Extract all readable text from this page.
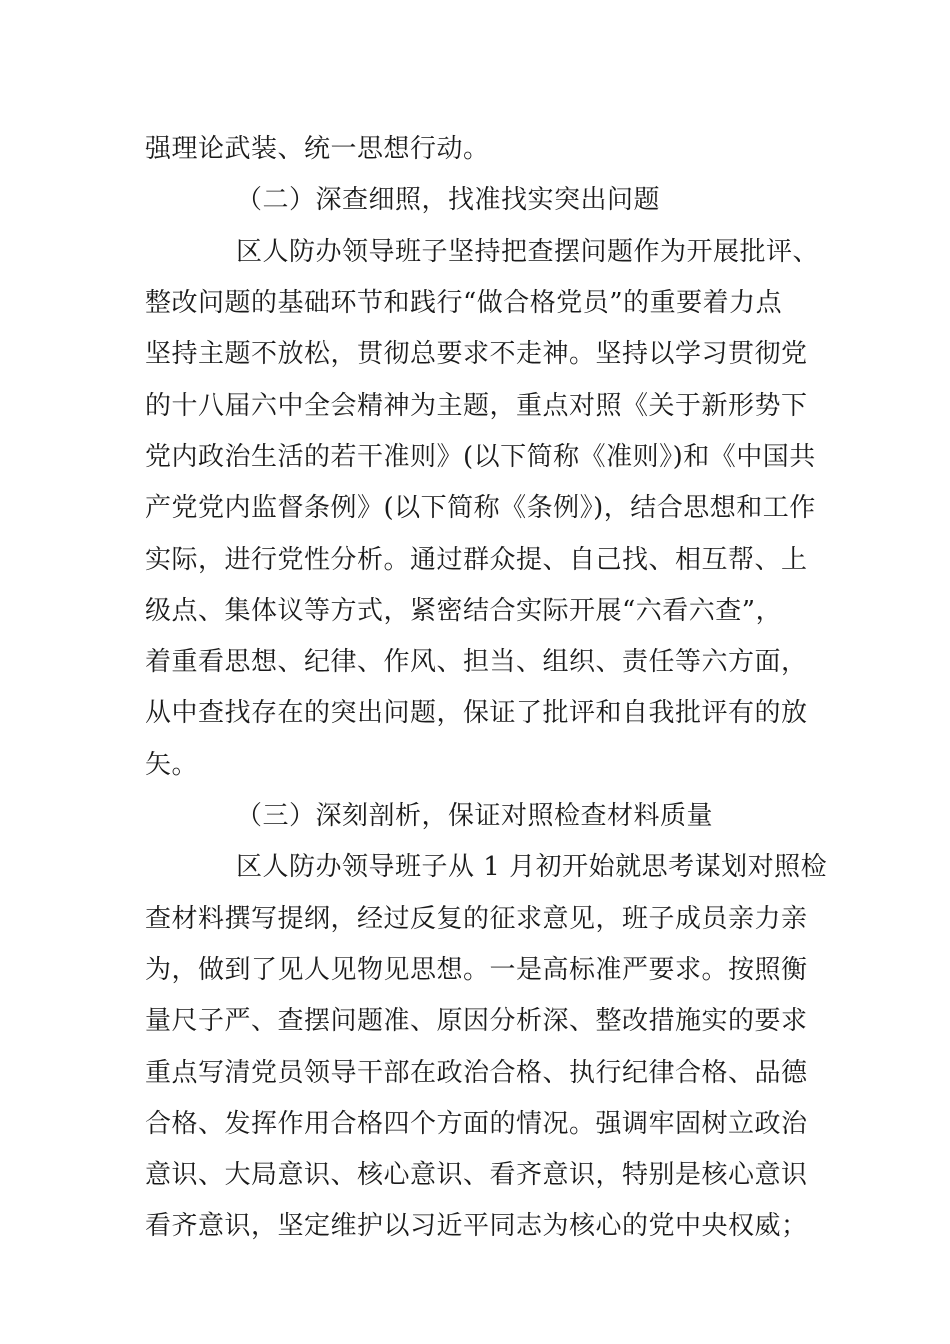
强理论武装、统一思想行动。

（二）深查细照，找准找实突出问题

区人防办领导班子坚持把查摆问题作为开展批评、

整改问题的基础环节和践行“做合格党员”的重要着力点

坚持主题不放松，贯彻总要求不走神。坚持以学习贯彻党

的十八届六中全会精神为主题，重点对照《关于新形势下

党内政治生活的若干准则》(以下简称《准则》)和《中国共

产党党内监督条例》(以下简称《条例》)，结合思想和工作

实际，进行党性分析。通过群众提、自己找、相互帮、上

级点、集体议等方式，紧密结合实际开展“六看六查”，

着重看思想、纪律、作风、担当、组织、责任等六方面，

从中查找存在的突出问题，保证了批评和自我批评有的放

矢。

（三）深刻剖析，保证对照检查材料质量

区人防办领导班子从 1 月初开始就思考谋划对照检

查材料撰写提纲，经过反复的征求意见，班子成员亲力亲

为，做到了见人见物见思想。一是高标准严要求。按照衡

量尺子严、查摆问题准、原因分析深、整改措施实的要求

重点写清党员领导干部在政治合格、执行纪律合格、品德

合格、发挥作用合格四个方面的情况。强调牢固树立政治

意识、大局意识、核心意识、看齐意识，特别是核心意识

看齐意识，坚定维护以习近平同志为核心的党中央权威；
